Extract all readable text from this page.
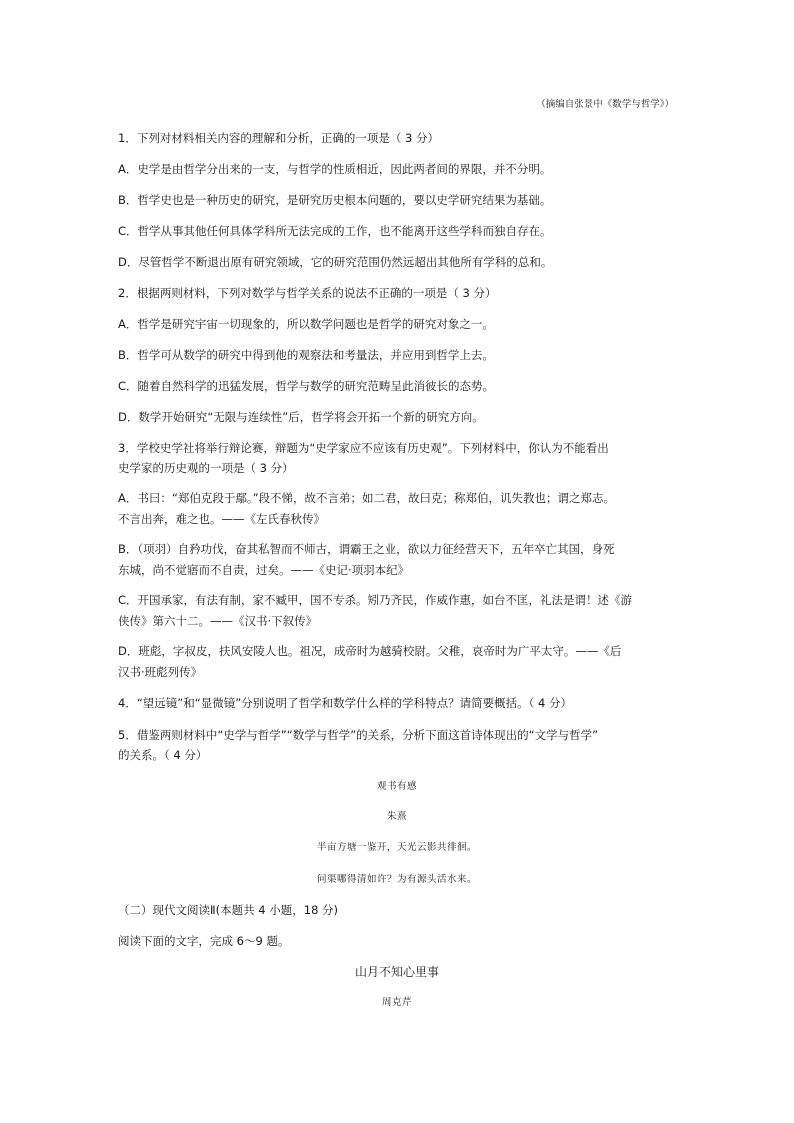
（摘编自张景中《数学与哲学》）
1．下列对材料相关内容的理解和分析，正确的一项是（ 3 分）
A．史学是由哲学分出来的一支，与哲学的性质相近，因此两者间的界限，并不分明。
B．哲学史也是一种历史的研究，是研究历史根本问题的，要以史学研究结果为基础。
C．哲学从事其他任何具体学科所无法完成的工作，也不能离开这些学科而独自存在。
D．尽管哲学不断退出原有研究领域，它的研究范围仍然远超出其他所有学科的总和。
2．根据两则材料，下列对数学与哲学关系的说法不正确的一项是（ 3 分）
A．哲学是研究宇宙一切现象的，所以数学问题也是哲学的研究对象之一。
B．哲学可从数学的研究中得到他的观察法和考量法，并应用到哲学上去。
C．随着自然科学的迅猛发展，哲学与数学的研究范畴呈此消彼长的态势。
D．数学开始研究“无限与连续性”后，哲学将会开拓一个新的研究方向。
3．学校史学社将举行辩论赛，辩题为“史学家应不应该有历史观”。下列材料中，你认为不能看出
史学家的历史观的一项是（ 3 分）
A．书曰：“郑伯克段于鄢。”段不悌，故不言弟；如二君，故曰克；称郑伯，讥失教也；谓之郑志。
不言出奔，难之也。——《左氏春秋传》
B．（项羽）自矜功伐，奋其私智而不师古，谓霸王之业，欲以力征经营天下，五年卒亡其国，身死
东城，尚不觉寤而不自责，过矣。——《史记·项羽本纪》
C．开国承家，有法有制，家不臧甲，国不专杀。矧乃齐民，作威作惠，如台不匡，礼法是谓！述《游
侠传》第六十二。——《汉书·下叙传》
D．班彪，字叔皮，扶风安陵人也。祖况，成帝时为越骑校尉。父稚，哀帝时为广平太守。——《后
汉书·班彪列传》
4．“望远镜”和“显微镜”分别说明了哲学和数学什么样的学科特点？请简要概括。（ 4 分）
5．借鉴两则材料中“史学与哲学”“数学与哲学”的关系，分析下面这首诗体现出的“文学与哲学”
的关系。（ 4 分）
观书有感
朱熹
半亩方塘一鉴开，天光云影共徘徊。
问渠哪得清如许？为有源头活水来。
（二）现代文阅读Ⅱ(本题共 4 小题，18 分)
阅读下面的文字，完成 6～9 题。
山月不知心里事
周克芹
